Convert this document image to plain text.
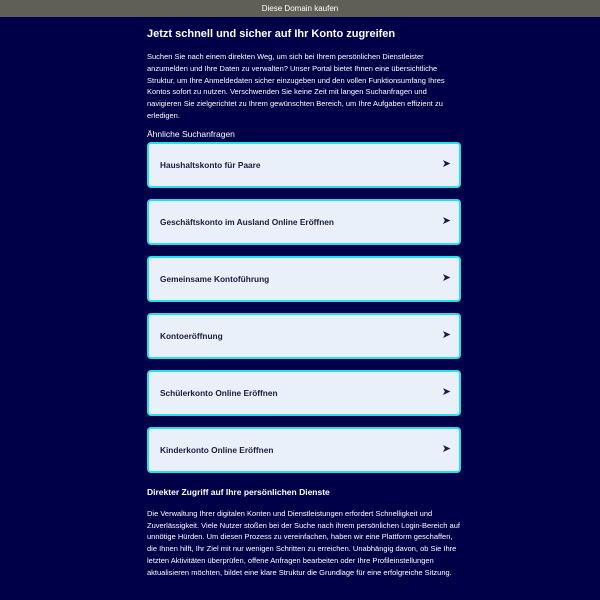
Diese Domain kaufen
Jetzt schnell und sicher auf Ihr Konto zugreifen

Suchen Sie nach einem direkten Weg, um sich bei Ihrem persönlichen Dienstleister anzumelden und Ihre Daten zu verwalten? Unser Portal bietet Ihnen eine übersichtliche Struktur, um Ihre Anmeldedaten sicher einzugeben und den vollen Funktionsumfang Ihres Kontos sofort zu nutzen. Verschwenden Sie keine Zeit mit langen Suchanfragen und navigieren Sie zielgerichtet zu Ihrem gewünschten Bereich, um Ihre Aufgaben effizient zu erledigen.

Ähnliche Suchanfragen
Haushaltskonto für Paare	➤
Geschäftskonto im Ausland Online Eröffnen	➤
Gemeinsame Kontoführung	➤
Kontoeröffnung	➤
Schülerkonto Online Eröffnen	➤
Kinderkonto Online Eröffnen	➤
Direkter Zugriff auf Ihre persönlichen Dienste

Die Verwaltung Ihrer digitalen Konten und Dienstleistungen erfordert Schnelligkeit und Zuverlässigkeit. Viele Nutzer stoßen bei der Suche nach ihrem persönlichen Login-Bereich auf unnötige Hürden. Um diesen Prozess zu vereinfachen, haben wir eine Plattform geschaffen, die Ihnen hilft, Ihr Ziel mit nur wenigen Schritten zu erreichen. Unabhängig davon, ob Sie Ihre letzten Aktivitäten überprüfen, offene Anfragen bearbeiten oder Ihre Profileinstellungen aktualisieren möchten, bildet eine klare Struktur die Grundlage für eine erfolgreiche Sitzung.
